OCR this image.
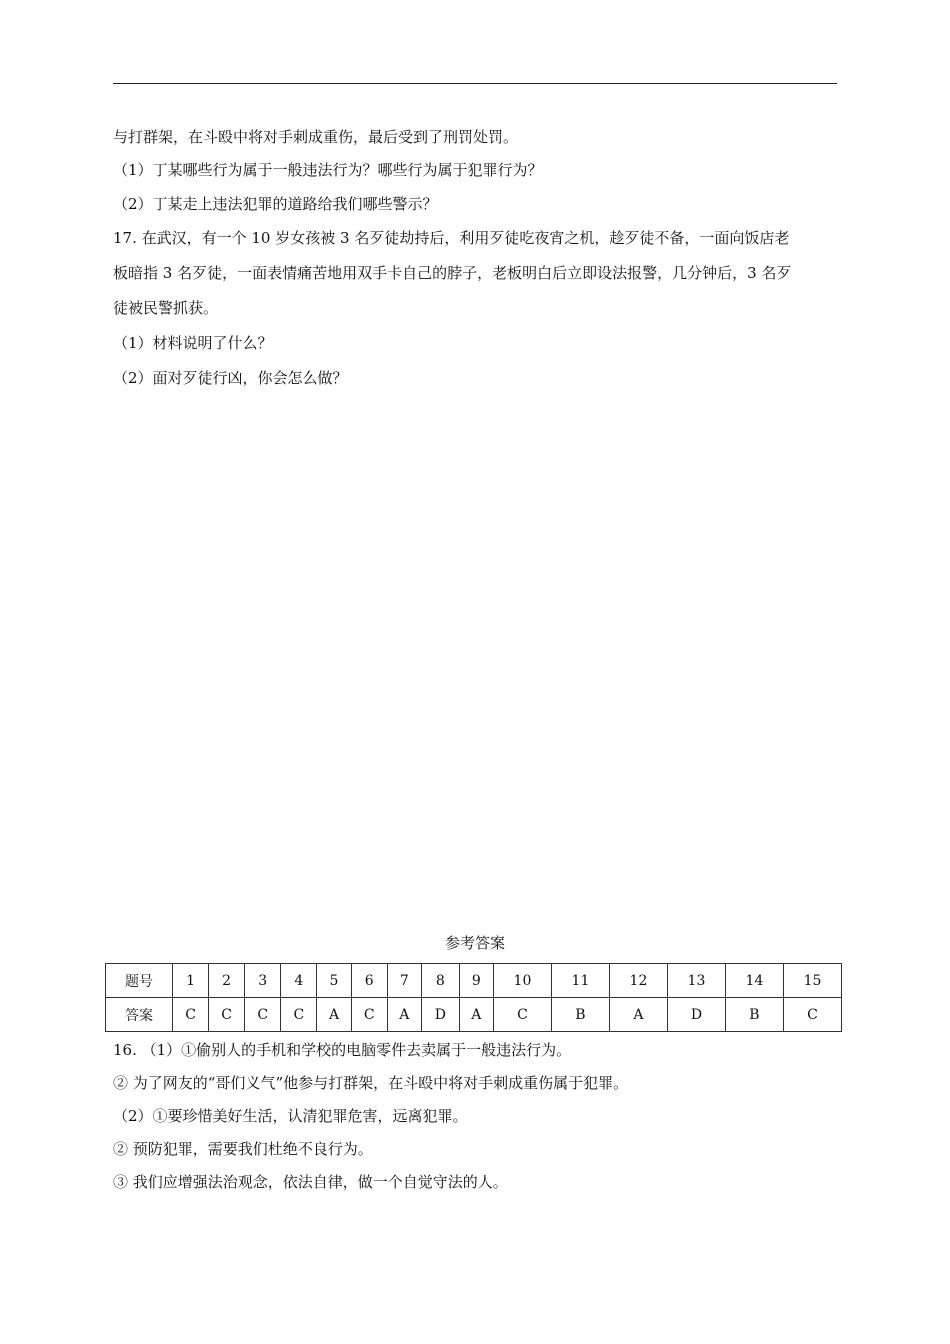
与打群架，在斗殴中将对手刺成重伤，最后受到了刑罚处罚。
（1）丁某哪些行为属于一般违法行为？哪些行为属于犯罪行为？
（2）丁某走上违法犯罪的道路给我们哪些警示？
17. 在武汉，有一个 10 岁女孩被 3 名歹徒劫持后，利用歹徒吃夜宵之机，趁歹徒不备，一面向饭店老
板暗指 3 名歹徒，一面表情痛苦地用双手卡自己的脖子，老板明白后立即设法报警，几分钟后，3 名歹
徒被民警抓获。
（1）材料说明了什么？
（2）面对歹徒行凶，你会怎么做？
参考答案
题号	1	2	3	4	5	6	7	8	9	10	11	12	13	14	15
答案	C	C	C	C	A	C	A	D	A	C	B	A	D	B	C
16. （1）①偷别人的手机和学校的电脑零件去卖属于一般违法行为。
② 为了网友的“哥们义气”他参与打群架，在斗殴中将对手刺成重伤属于犯罪。
（2）①要珍惜美好生活，认清犯罪危害，远离犯罪。
② 预防犯罪，需要我们杜绝不良行为。
③ 我们应增强法治观念，依法自律，做一个自觉守法的人。
